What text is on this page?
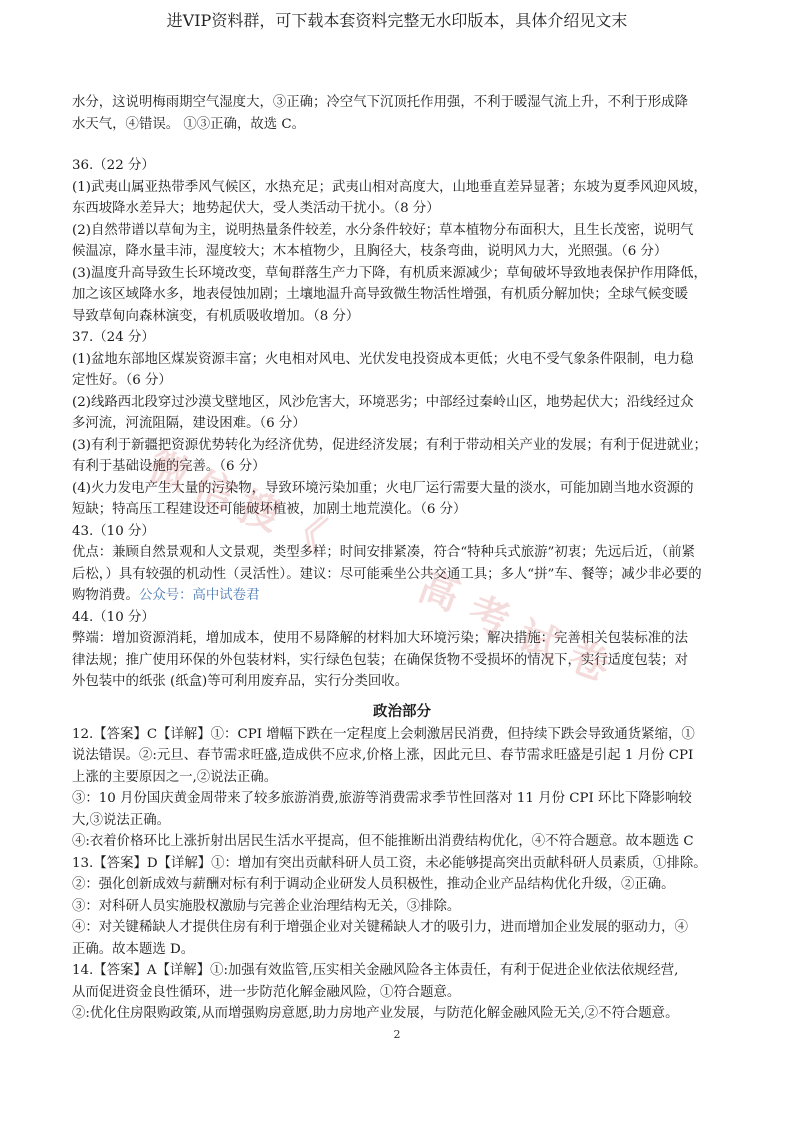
进VIP资料群，可下载本套资料完整无水印版本，具体介绍见文末

水分，这说明梅雨期空气湿度大，③正确；冷空气下沉顶托作用强，不利于暖湿气流上升，不利于形成降

水天气，④错误。 ①③正确，故选 C。

36.（22 分）

(1)武夷山属亚热带季风气候区，水热充足；武夷山相对高度大，山地垂直差异显著；东坡为夏季风迎风坡，

东西坡降水差异大；地势起伏大，受人类活动干扰小。（8 分）

(2)自然带谱以草甸为主，说明热量条件较差，水分条件较好；草本植物分布面积大，且生长茂密，说明气

候温凉，降水量丰沛，湿度较大；木本植物少，且胸径大，枝条弯曲，说明风力大，光照强。（6 分）

(3)温度升高导致生长环境改变，草甸群落生产力下降，有机质来源减少；草甸破坏导致地表保护作用降低，

加之该区域降水多，地表侵蚀加剧；土壤地温升高导致微生物活性增强，有机质分解加快；全球气候变暖

导致草甸向森林演变，有机质吸收增加。（8 分）

37.（24 分）

(1)盆地东部地区煤炭资源丰富；火电相对风电、光伏发电投资成本更低；火电不受气象条件限制，电力稳

定性好。（6 分）

(2)线路西北段穿过沙漠戈壁地区，风沙危害大，环境恶劣；中部经过秦岭山区，地势起伏大；沿线经过众

多河流，河流阻隔，建设困难。（6 分）

(3)有利于新疆把资源优势转化为经济优势，促进经济发展；有利于带动相关产业的发展；有利于促进就业；

有利于基础设施的完善。（6 分）

(4)火力发电产生大量的污染物，导致环境污染加重；火电厂运行需要大量的淡水，可能加剧当地水资源的

短缺；特高压工程建设还可能破坏植被，加剧土地荒漠化。（6 分）

43.（10 分）

优点：兼顾自然景观和人文景观，类型多样；时间安排紧凑，符合“特种兵式旅游”初衷；先远后近，（前紧

后松，）具有较强的机动性（灵活性）。建议：尽可能乘坐公共交通工具；多人“拼”车、餐等；减少非必要的

购物消费。公众号：高中试卷君

44.（10 分）

弊端：增加资源消耗，增加成本，使用不易降解的材料加大环境污染；解决措施：完善相关包装标准的法

律法规；推广使用环保的外包装材料，实行绿色包装；在确保货物不受损坏的情况下，实行适度包装；对

外包装中的纸张 (纸盒)等可利用废弃品，实行分类回收。

政治部分

12.【答案】C【详解】①：CPI 增幅下跌在一定程度上会刺激居民消费，但持续下跌会导致通货紧缩，①

说法错误。②:元旦、春节需求旺盛,造成供不应求,价格上涨，因此元旦、春节需求旺盛是引起 1 月份 CPI

上涨的主要原因之一,②说法正确。

③：10 月份国庆黄金周带来了较多旅游消费,旅游等消费需求季节性回落对 11 月份 CPI 环比下降影响较

大,③说法正确。

④:衣着价格环比上涨折射出居民生活水平提高，但不能推断出消费结构优化，④不符合题意。故本题选 C

13.【答案】D【详解】①：增加有突出贡献科研人员工资，未必能够提高突出贡献科研人员素质，①排除。

②：强化创新成效与薪酬对标有利于调动企业研发人员积极性，推动企业产品结构优化升级，②正确。

③：对科研人员实施股权激励与完善企业治理结构无关，③排除。

④：对关键稀缺人才提供住房有利于增强企业对关键稀缺人才的吸引力，进而增加企业发展的驱动力，④

正确。故本题选 D。

14.【答案】A【详解】①:加强有效监管,压实相关金融风险各主体责任，有利于促进企业依法依规经营,

从而促进资金良性循环，进一步防范化解金融风险，①符合题意。

②:优化住房限购政策,从而增强购房意愿,助力房地产业发展，与防范化解金融风险无关,②不符合题意。

2
微
信
搜
《
高
考
试
卷
